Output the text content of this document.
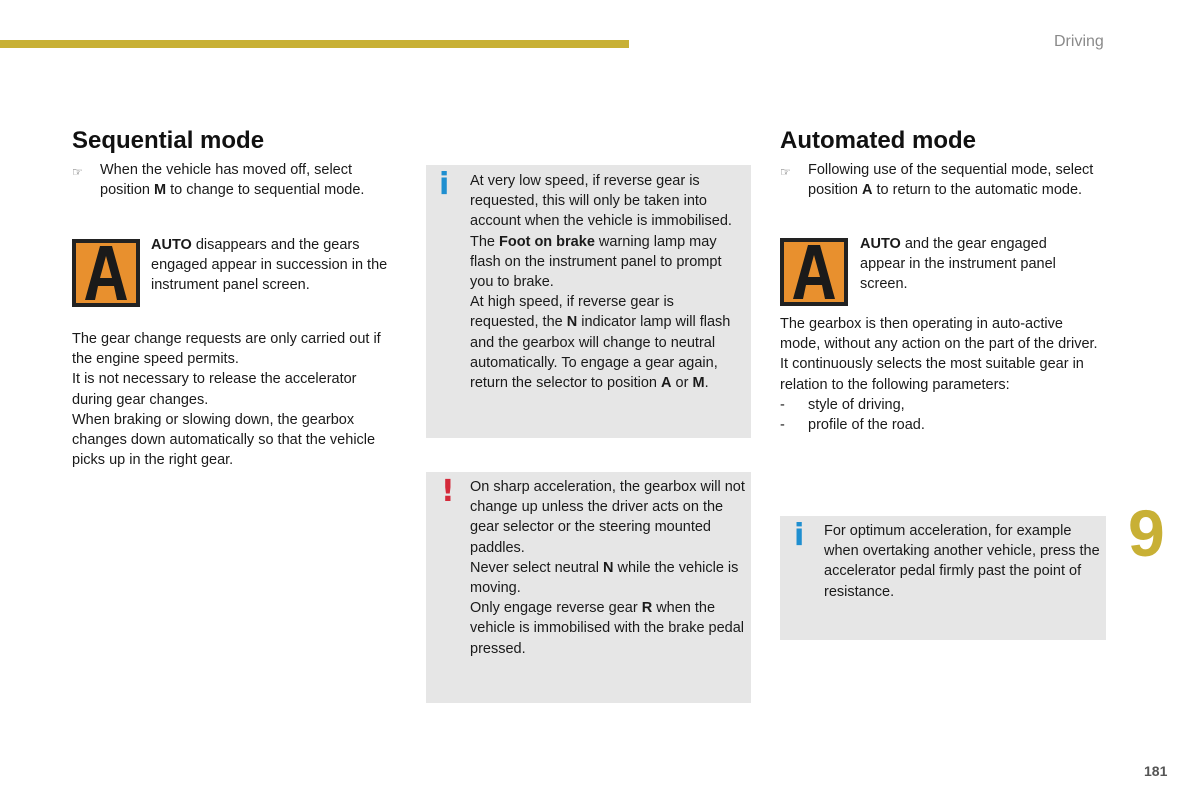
Driving
9
181
Sequential mode
☞ When the vehicle has moved off, select position M to change to sequential mode.
AUTO disappears and the gears engaged appear in succession in the instrument panel screen.
The gear change requests are only carried out if the engine speed permits.
It is not necessary to release the accelerator during gear changes.
When braking or slowing down, the gearbox changes down automatically so that the vehicle picks up in the right gear.
i At very low speed, if reverse gear is requested, this will only be taken into account when the vehicle is immobilised.
The Foot on brake warning lamp may flash on the instrument panel to prompt you to brake.
At high speed, if reverse gear is requested, the N indicator lamp will flash and the gearbox will change to neutral automatically. To engage a gear again, return the selector to position A or M.
! On sharp acceleration, the gearbox will not change up unless the driver acts on the gear selector or the steering mounted paddles.
Never select neutral N while the vehicle is moving.
Only engage reverse gear R when the vehicle is immobilised with the brake pedal pressed.
Automated mode
☞ Following use of the sequential mode, select position A to return to the automatic mode.
AUTO and the gear engaged appear in the instrument panel screen.
The gearbox is then operating in auto-active mode, without any action on the part of the driver. It continuously selects the most suitable gear in relation to the following parameters:
- style of driving,
- profile of the road.
i For optimum acceleration, for example when overtaking another vehicle, press the accelerator pedal firmly past the point of resistance.
